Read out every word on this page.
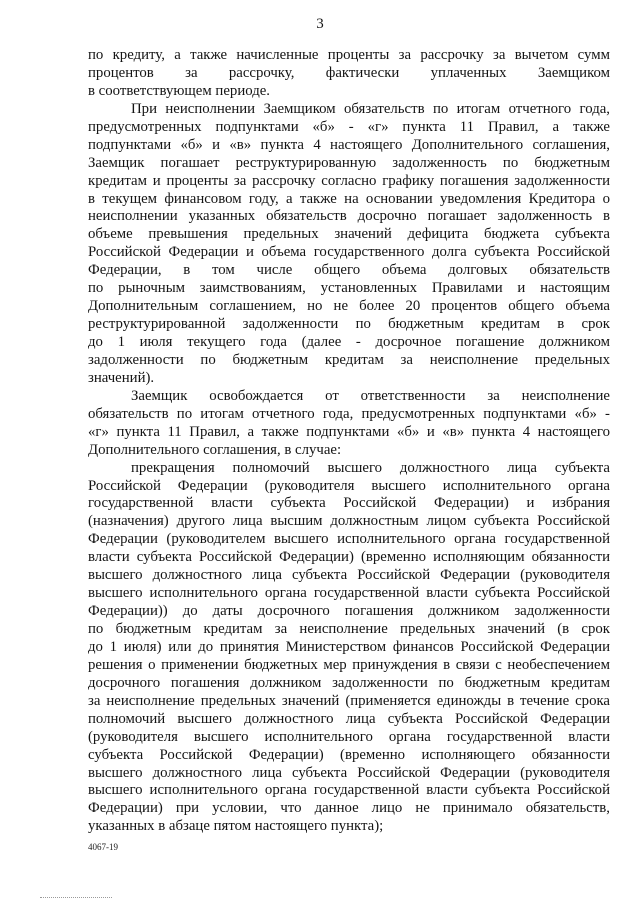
3
по кредиту, а также начисленные проценты за рассрочку за вычетом сумм
процентов за рассрочку, фактически уплаченных Заемщиком
в соответствующем периоде.
При неисполнении Заемщиком обязательств по итогам отчетного года,
предусмотренных подпунктами «б» - «г» пункта 11 Правил, а также
подпунктами «б» и «в» пункта 4 настоящего Дополнительного соглашения,
Заемщик погашает реструктурированную задолженность по бюджетным
кредитам и проценты за рассрочку согласно графику погашения задолженности
в текущем финансовом году, а также на основании уведомления Кредитора о
неисполнении указанных обязательств досрочно погашает задолженность в
объеме превышения предельных значений дефицита бюджета субъекта
Российской Федерации и объема государственного долга субъекта Российской
Федерации, в том числе общего объема долговых обязательств
по рыночным заимствованиям, установленных Правилами и настоящим
Дополнительным соглашением, но не более 20 процентов общего объема
реструктурированной задолженности по бюджетным кредитам в срок
до 1 июля текущего года (далее - досрочное погашение должником
задолженности по бюджетным кредитам за неисполнение предельных
значений).
Заемщик освобождается от ответственности за неисполнение
обязательств по итогам отчетного года, предусмотренных подпунктами «б» -
«г» пункта 11 Правил, а также подпунктами «б» и «в» пункта 4 настоящего
Дополнительного соглашения, в случае:
прекращения полномочий высшего должностного лица субъекта
Российской Федерации (руководителя высшего исполнительного органа
государственной власти субъекта Российской Федерации) и избрания
(назначения) другого лица высшим должностным лицом субъекта Российской
Федерации (руководителем высшего исполнительного органа государственной
власти субъекта Российской Федерации) (временно исполняющим обязанности
высшего должностного лица субъекта Российской Федерации (руководителя
высшего исполнительного органа государственной власти субъекта Российской
Федерации)) до даты досрочного погашения должником задолженности
по бюджетным кредитам за неисполнение предельных значений (в срок
до 1 июля) или до принятия Министерством финансов Российской Федерации
решения о применении бюджетных мер принуждения в связи с необеспечением
досрочного погашения должником задолженности по бюджетным кредитам
за неисполнение предельных значений (применяется единожды в течение срока
полномочий высшего должностного лица субъекта Российской Федерации
(руководителя высшего исполнительного органа государственной власти
субъекта Российской Федерации) (временно исполняющего обязанности
высшего должностного лица субъекта Российской Федерации (руководителя
высшего исполнительного органа государственной власти субъекта Российской
Федерации) при условии, что данное лицо не принимало обязательств,
указанных в абзаце пятом настоящего пункта);
4067-19
